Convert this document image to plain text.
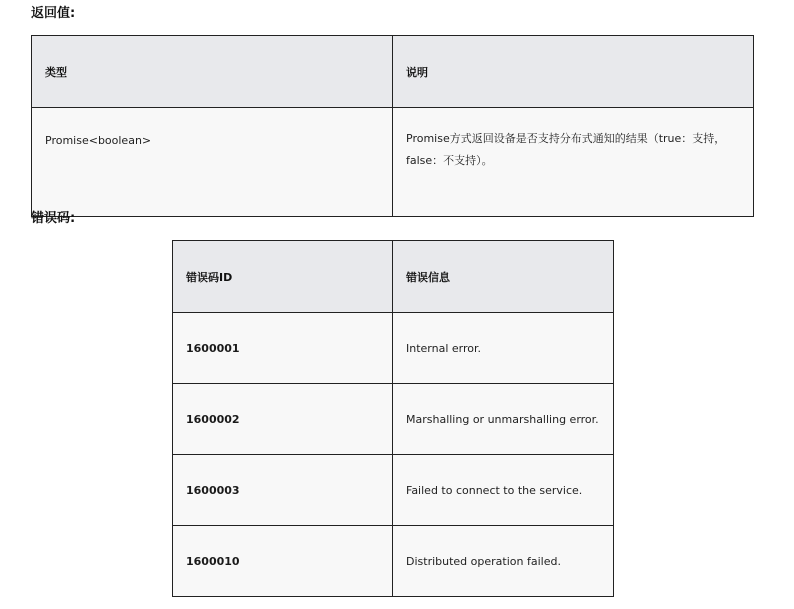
返回值:
类型	说明
Promise<boolean>	Promise方式返回设备是否支持分布式通知的结果（true：支持，false：不支持）。
错误码:
错误码ID	错误信息
1600001	Internal error.
1600002	Marshalling or unmarshalling error.
1600003	Failed to connect to the service.
1600010	Distributed operation failed.
